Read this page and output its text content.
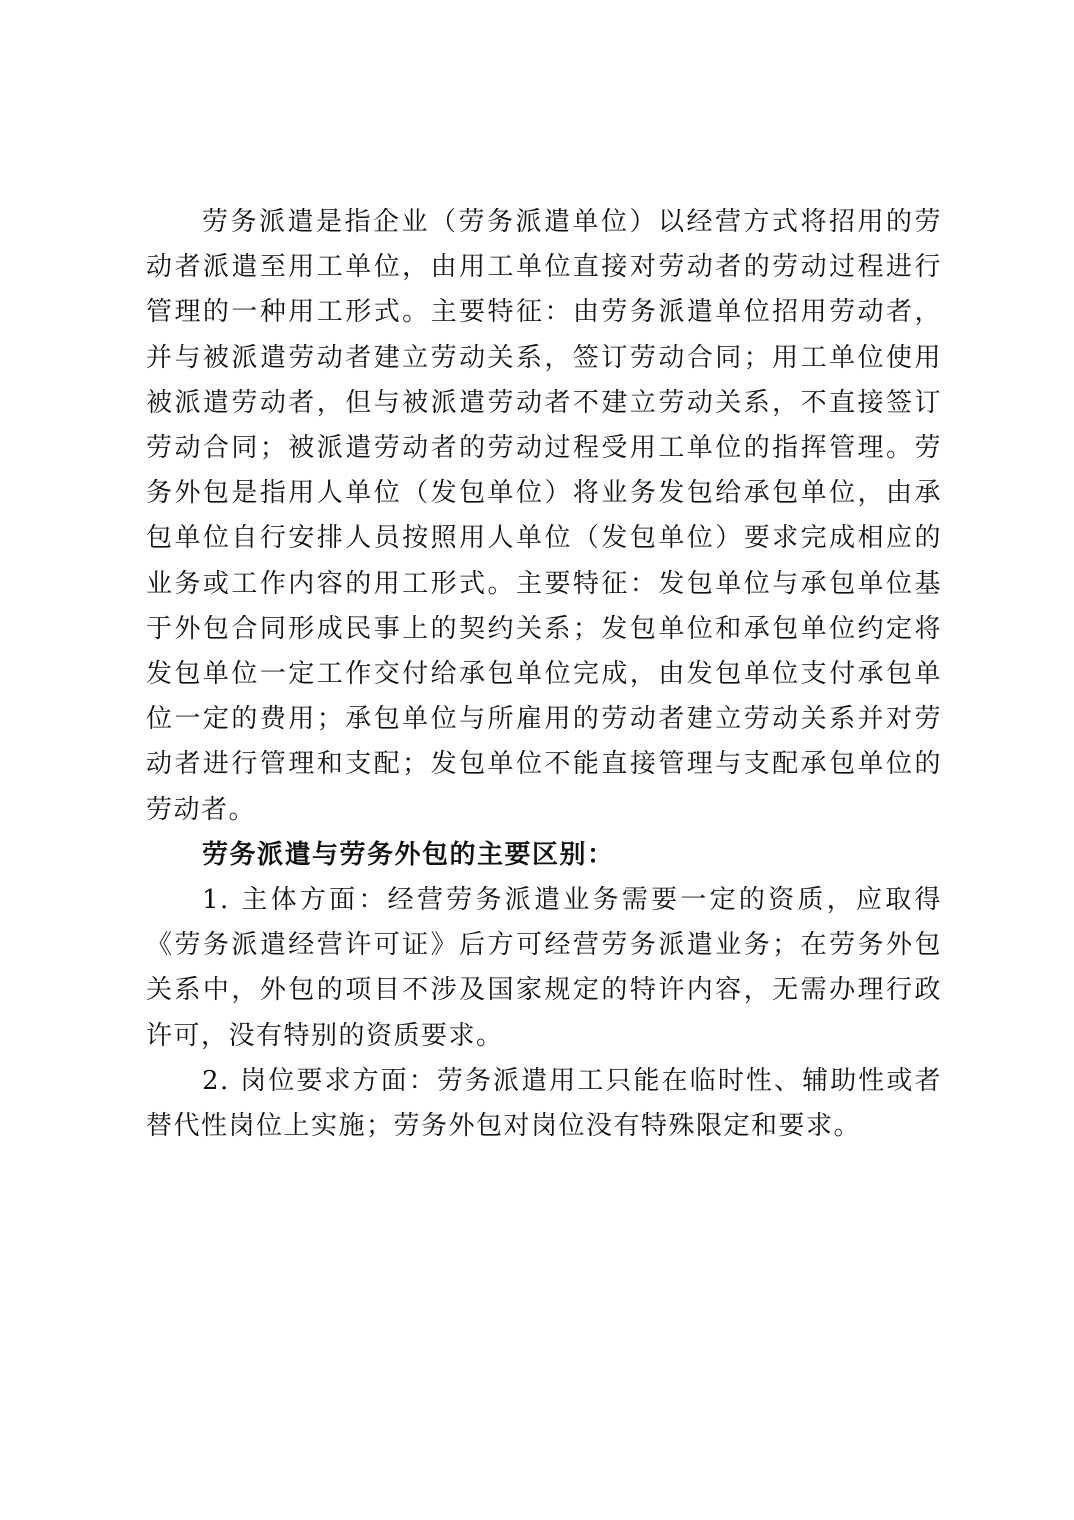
劳务派遣是指企业（劳务派遣单位）以经营方式将招用的劳动者派遣至用工单位，由用工单位直接对劳动者的劳动过程进行管理的一种用工形式。主要特征：由劳务派遣单位招用劳动者，并与被派遣劳动者建立劳动关系，签订劳动合同；用工单位使用被派遣劳动者，但与被派遣劳动者不建立劳动关系，不直接签订劳动合同；被派遣劳动者的劳动过程受用工单位的指挥管理。劳务外包是指用人单位（发包单位）将业务发包给承包单位，由承包单位自行安排人员按照用人单位（发包单位）要求完成相应的业务或工作内容的用工形式。主要特征：发包单位与承包单位基于外包合同形成民事上的契约关系；发包单位和承包单位约定将发包单位一定工作交付给承包单位完成，由发包单位支付承包单位一定的费用；承包单位与所雇用的劳动者建立劳动关系并对劳动者进行管理和支配；发包单位不能直接管理与支配承包单位的劳动者。

劳务派遣与劳务外包的主要区别：

1. 主体方面：经营劳务派遣业务需要一定的资质，应取得《劳务派遣经营许可证》后方可经营劳务派遣业务；在劳务外包关系中，外包的项目不涉及国家规定的特许内容，无需办理行政许可，没有特别的资质要求。

2. 岗位要求方面：劳务派遣用工只能在临时性、辅助性或者替代性岗位上实施；劳务外包对岗位没有特殊限定和要求。
